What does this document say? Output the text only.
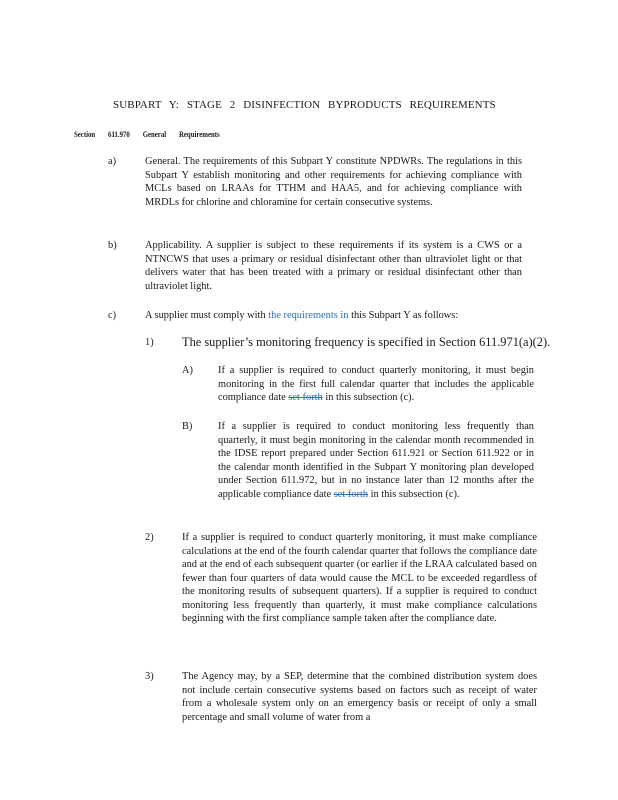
SUBPART Y: STAGE 2 DISINFECTION BYPRODUCTS REQUIREMENTS
Section 611.970 General Requirements
a)	General. The requirements of this Subpart Y constitute NPDWRs. The regulations in this Subpart Y establish monitoring and other requirements for achieving compliance with MCLs based on LRAAs for TTHM and HAA5, and for achieving compliance with MRDLs for chlorine and chloramine for certain consecutive systems.
b)	Applicability. A supplier is subject to these requirements if its system is a CWS or a NTNCWS that uses a primary or residual disinfectant other than ultraviolet light or that delivers water that has been treated with a primary or residual disinfectant other than ultraviolet light.
c)	A supplier must comply with the requirements in this Subpart Y as follows:
1)	The supplier’s monitoring frequency is specified in Section 611.971(a)(2).
A)	If a supplier is required to conduct quarterly monitoring, it must begin monitoring in the first full calendar quarter that includes the applicable compliance date set forth in this subsection (c).
B)	If a supplier is required to conduct monitoring less frequently than quarterly, it must begin monitoring in the calendar month recommended in the IDSE report prepared under Section 611.921 or Section 611.922 or in the calendar month identified in the Subpart Y monitoring plan developed under Section 611.972, but in no instance later than 12 months after the applicable compliance date set forth in this subsection (c).
2)	If a supplier is required to conduct quarterly monitoring, it must make compliance calculations at the end of the fourth calendar quarter that follows the compliance date and at the end of each subsequent quarter (or earlier if the LRAA calculated based on fewer than four quarters of data would cause the MCL to be exceeded regardless of the monitoring results of subsequent quarters). If a supplier is required to conduct monitoring less frequently than quarterly, it must make compliance calculations beginning with the first compliance sample taken after the compliance date.
3)	The Agency may, by a SEP, determine that the combined distribution system does not include certain consecutive systems based on factors such as receipt of water from a wholesale system only on an emergency basis or receipt of only a small percentage and small volume of water from a
